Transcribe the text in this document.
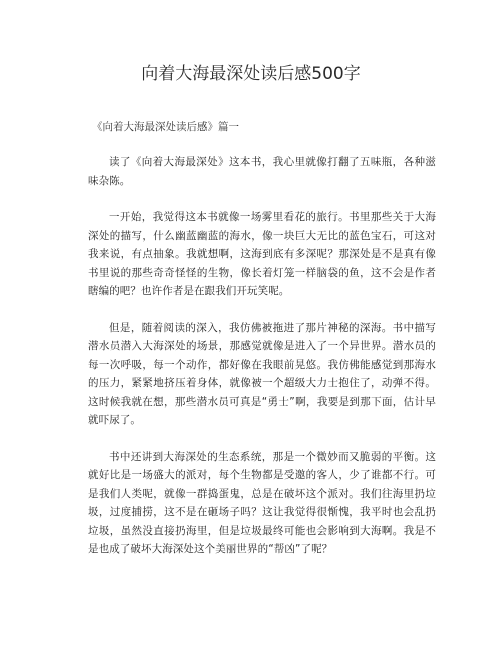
向着大海最深处读后感500字
《向着大海最深处读后感》篇一

读了《向着大海最深处》这本书，我心里就像打翻了五味瓶，各种滋味杂陈。

一开始，我觉得这本书就像一场雾里看花的旅行。书里那些关于大海深处的描写，什么幽蓝幽蓝的海水，像一块巨大无比的蓝色宝石，可这对我来说，有点抽象。我就想啊，这海到底有多深呢？那深处是不是真有像书里说的那些奇奇怪怪的生物，像长着灯笼一样脑袋的鱼，这不会是作者瞎编的吧？也许作者是在跟我们开玩笑呢。

但是，随着阅读的深入，我仿佛被拖进了那片神秘的深海。书中描写潜水员潜入大海深处的场景，那感觉就像是进入了一个异世界。潜水员的每一次呼吸，每一个动作，都好像在我眼前晃悠。我仿佛能感觉到那海水的压力，紧紧地挤压着身体，就像被一个超级大力士抱住了，动弹不得。这时候我就在想，那些潜水员可真是“勇士”啊，我要是到那下面，估计早就吓尿了。

书中还讲到大海深处的生态系统，那是一个微妙而又脆弱的平衡。这就好比是一场盛大的派对，每个生物都是受邀的客人，少了谁都不行。可是我们人类呢，就像一群捣蛋鬼，总是在破坏这个派对。我们往海里扔垃圾，过度捕捞，这不是在砸场子吗？这让我觉得很惭愧，我平时也会乱扔垃圾，虽然没直接扔海里，但是垃圾最终可能也会影响到大海啊。我是不是也成了破坏大海深处这个美丽世界的“帮凶”了呢？
